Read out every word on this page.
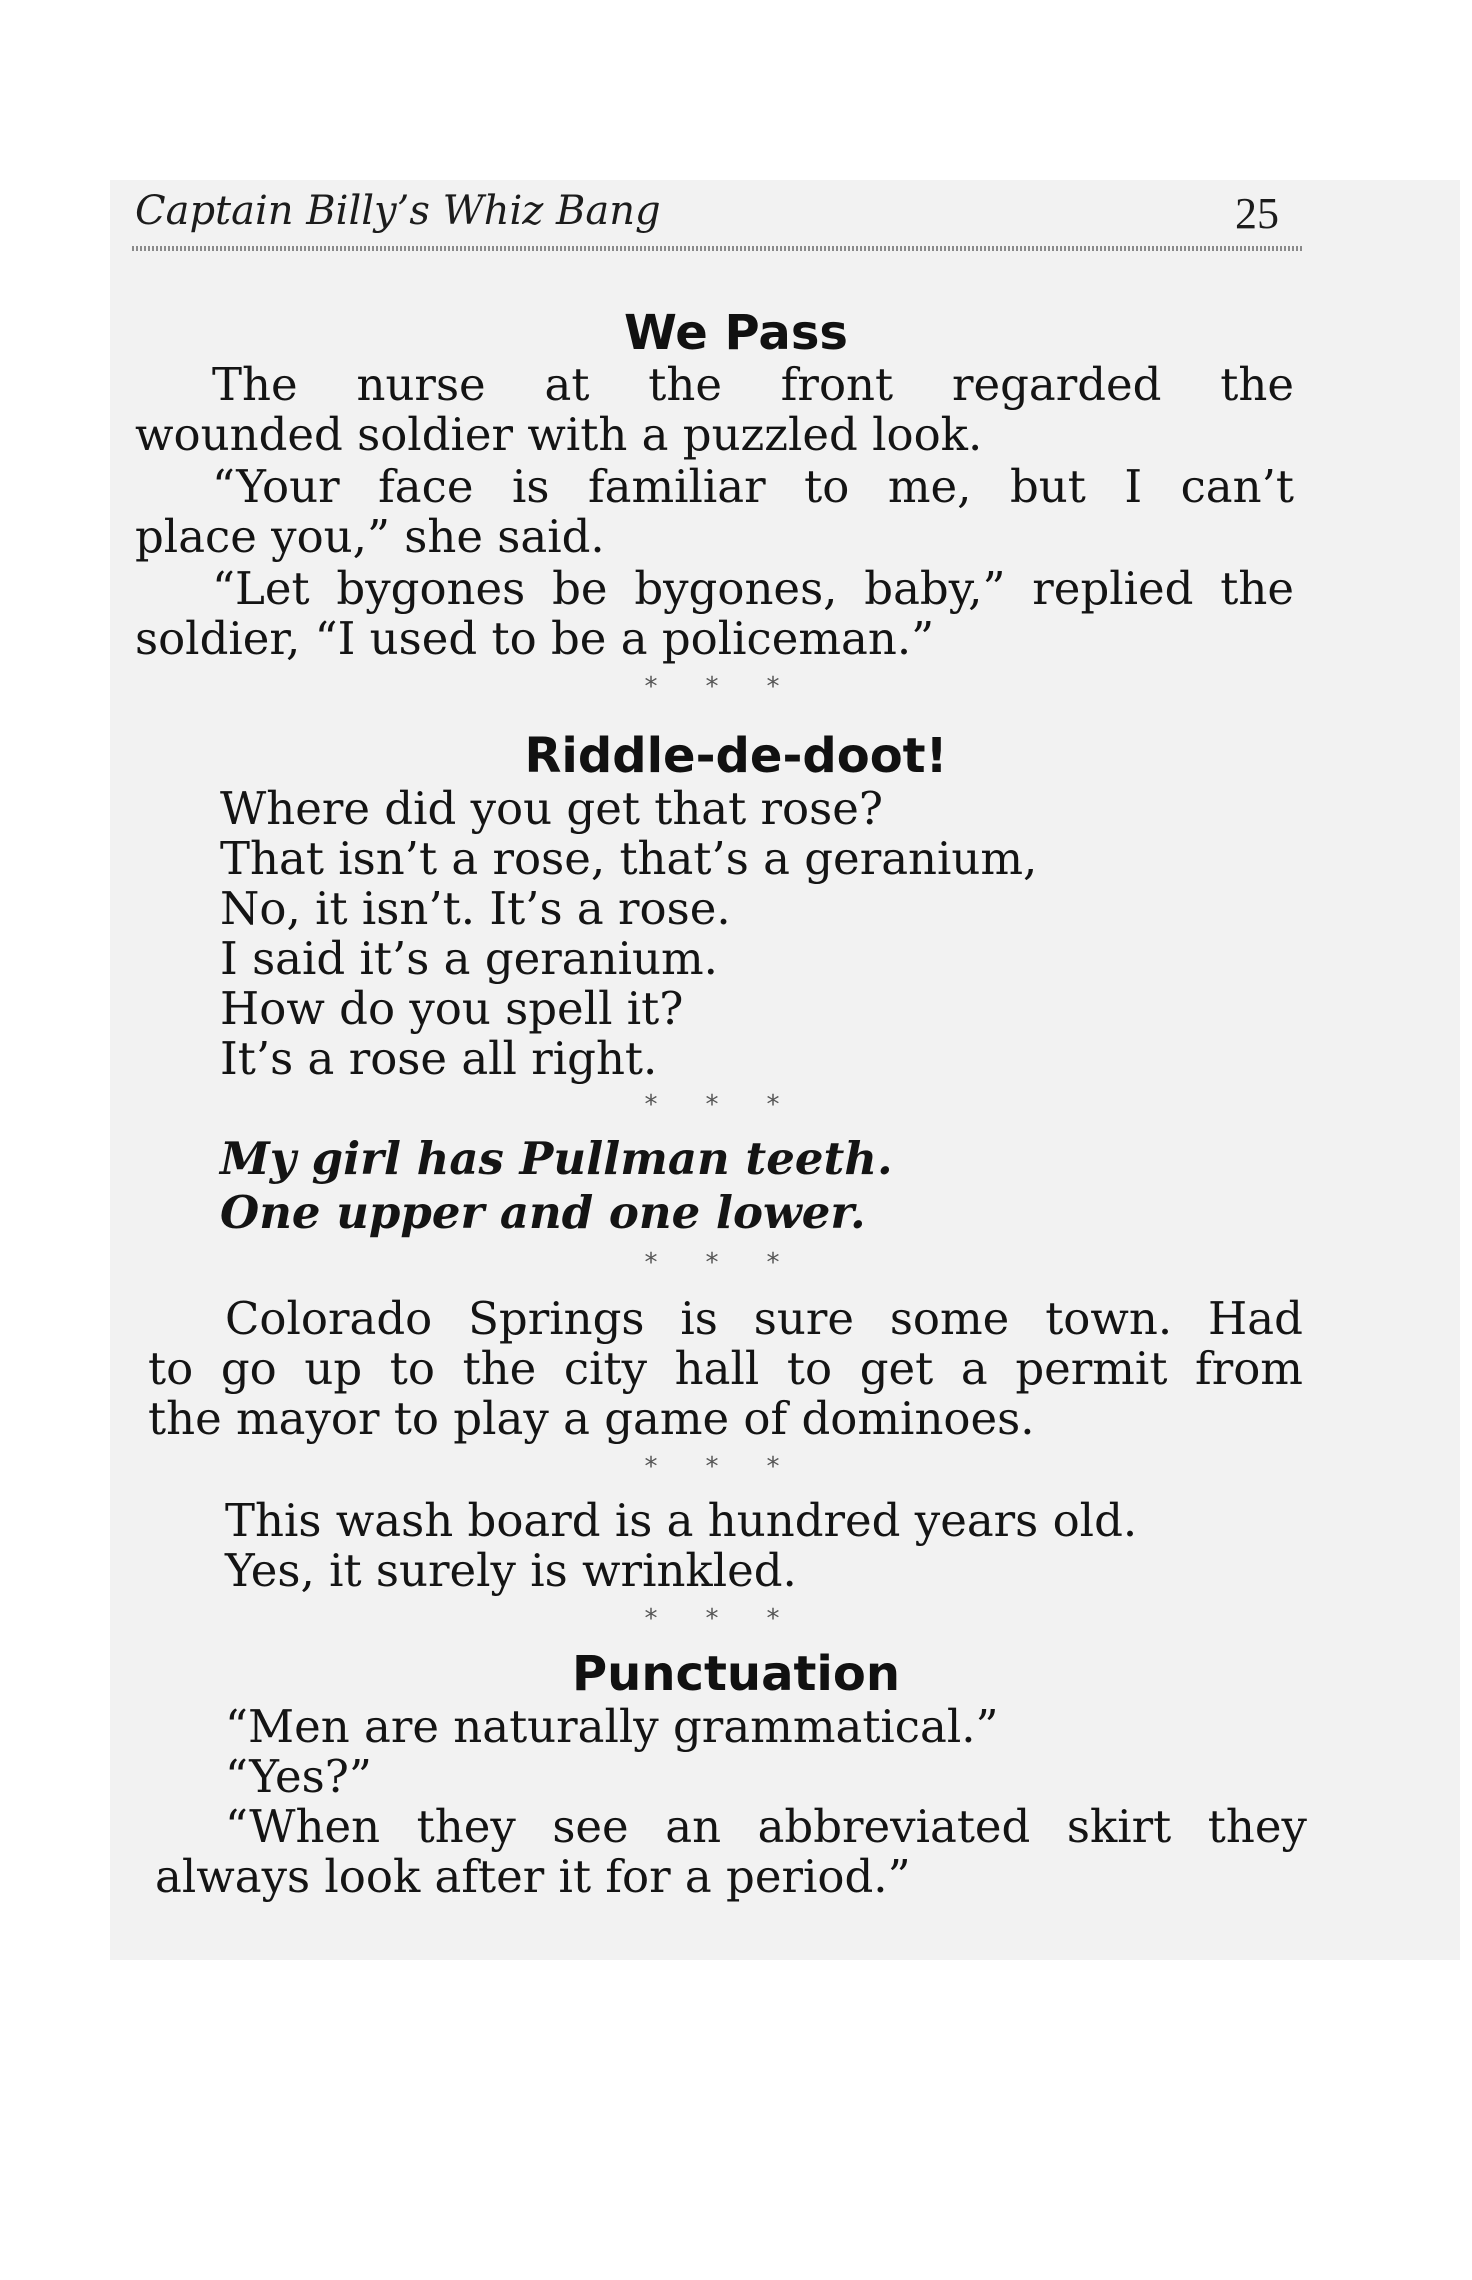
Captain Billy’s Whiz Bang	25
We Pass
The nurse at the front regarded the
wounded soldier with a puzzled look.
“Your face is familiar to me, but I can’t
place you,” she said.
“Let bygones be bygones, baby,” replied the
soldier, “I used to be a policeman.”
***
Riddle-de-doot!
Where did you get that rose?
That isn’t a rose, that’s a geranium,
No, it isn’t. It’s a rose.
I said it’s a geranium.
How do you spell it?
It’s a rose all right.
***
My girl has Pullman teeth.
One upper and one lower.
***
Colorado Springs is sure some town. Had
to go up to the city hall to get a permit from
the mayor to play a game of dominoes.
***
This wash board is a hundred years old.
Yes, it surely is wrinkled.
***
Punctuation
“Men are naturally grammatical.”
“Yes?”
“When they see an abbreviated skirt they
always look after it for a period.”
